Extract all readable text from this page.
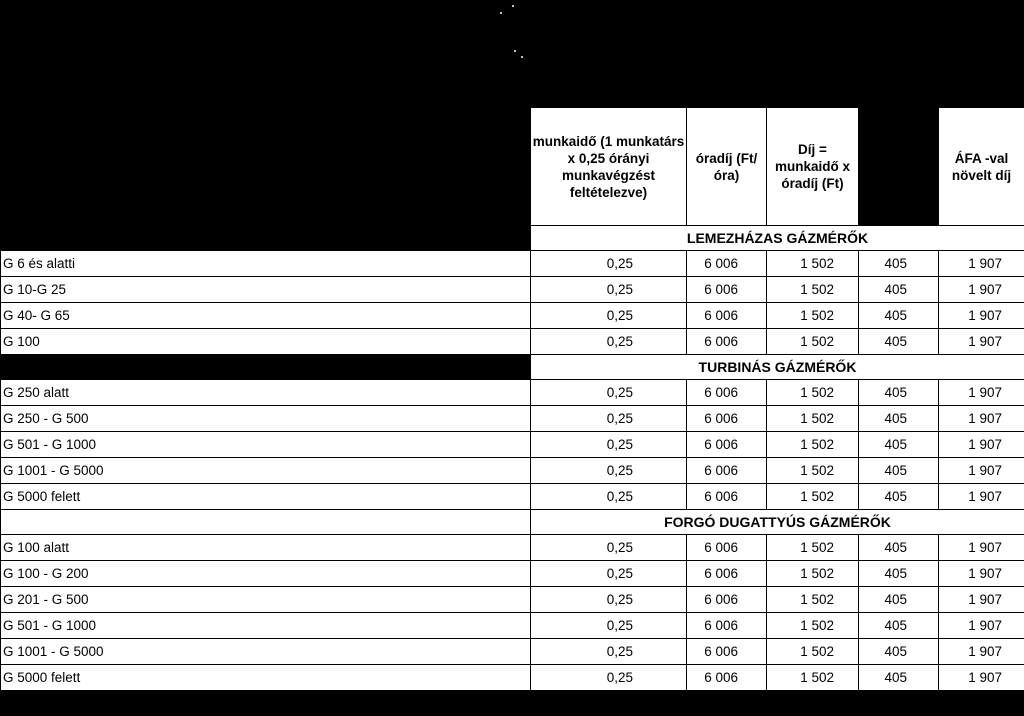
	munkaidő (1 munkatárs x 0,25 órányi munkavégzést feltételezve)	óradíj (Ft/óra)	Díj = munkaidő x óradíj (Ft)		ÁFA -val növelt díj
	LEMEZHÁZAS GÁZMÉRŐK				
G 6 és alatti	0,25	6 006	1 502	405	1 907
G 10-G 25	0,25	6 006	1 502	405	1 907
G 40- G 65	0,25	6 006	1 502	405	1 907
G 100	0,25	6 006	1 502	405	1 907
	TURBINÁS GÁZMÉRŐK				
G 250 alatt	0,25	6 006	1 502	405	1 907
G 250 - G 500	0,25	6 006	1 502	405	1 907
G 501 - G 1000	0,25	6 006	1 502	405	1 907
G 1001 - G 5000	0,25	6 006	1 502	405	1 907
G 5000 felett	0,25	6 006	1 502	405	1 907
	FORGÓ DUGATTYÚS GÁZMÉRŐK				
G 100 alatt	0,25	6 006	1 502	405	1 907
G 100 - G 200	0,25	6 006	1 502	405	1 907
G 201 - G 500	0,25	6 006	1 502	405	1 907
G 501 - G 1000	0,25	6 006	1 502	405	1 907
G 1001 - G 5000	0,25	6 006	1 502	405	1 907
G 5000 felett	0,25	6 006	1 502	405	1 907
